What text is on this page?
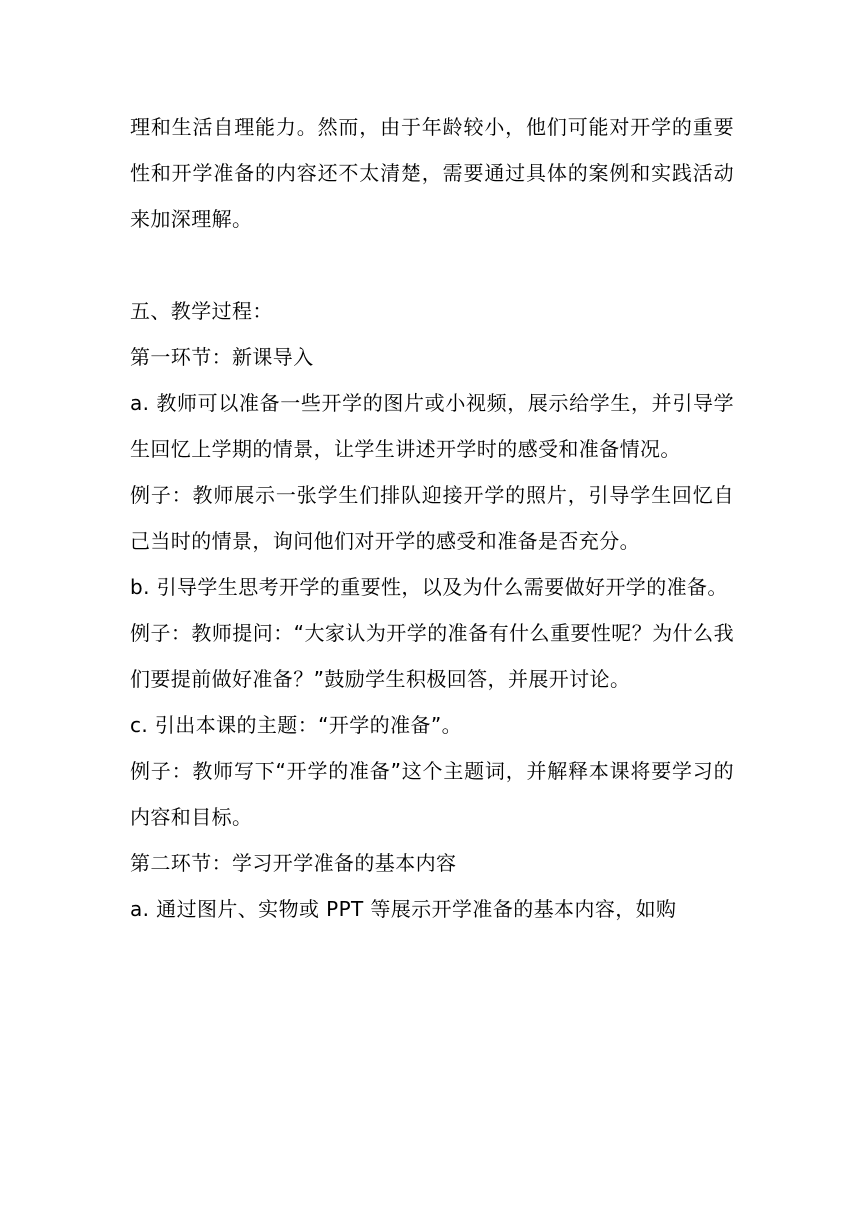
理和生活自理能力。然而，由于年龄较小，他们可能对开学的重要性和开学准备的内容还不太清楚，需要通过具体的案例和实践活动来加深理解。

五、教学过程：

第一环节：新课导入

a. 教师可以准备一些开学的图片或小视频，展示给学生，并引导学生回忆上学期的情景，让学生讲述开学时的感受和准备情况。

例子：教师展示一张学生们排队迎接开学的照片，引导学生回忆自己当时的情景，询问他们对开学的感受和准备是否充分。

b. 引导学生思考开学的重要性，以及为什么需要做好开学的准备。

例子：教师提问：“大家认为开学的准备有什么重要性呢？为什么我们要提前做好准备？”鼓励学生积极回答，并展开讨论。

c. 引出本课的主题：“开学的准备”。

例子：教师写下“开学的准备”这个主题词，并解释本课将要学习的内容和目标。

第二环节：学习开学准备的基本内容

a. 通过图片、实物或 PPT 等展示开学准备的基本内容，如购
